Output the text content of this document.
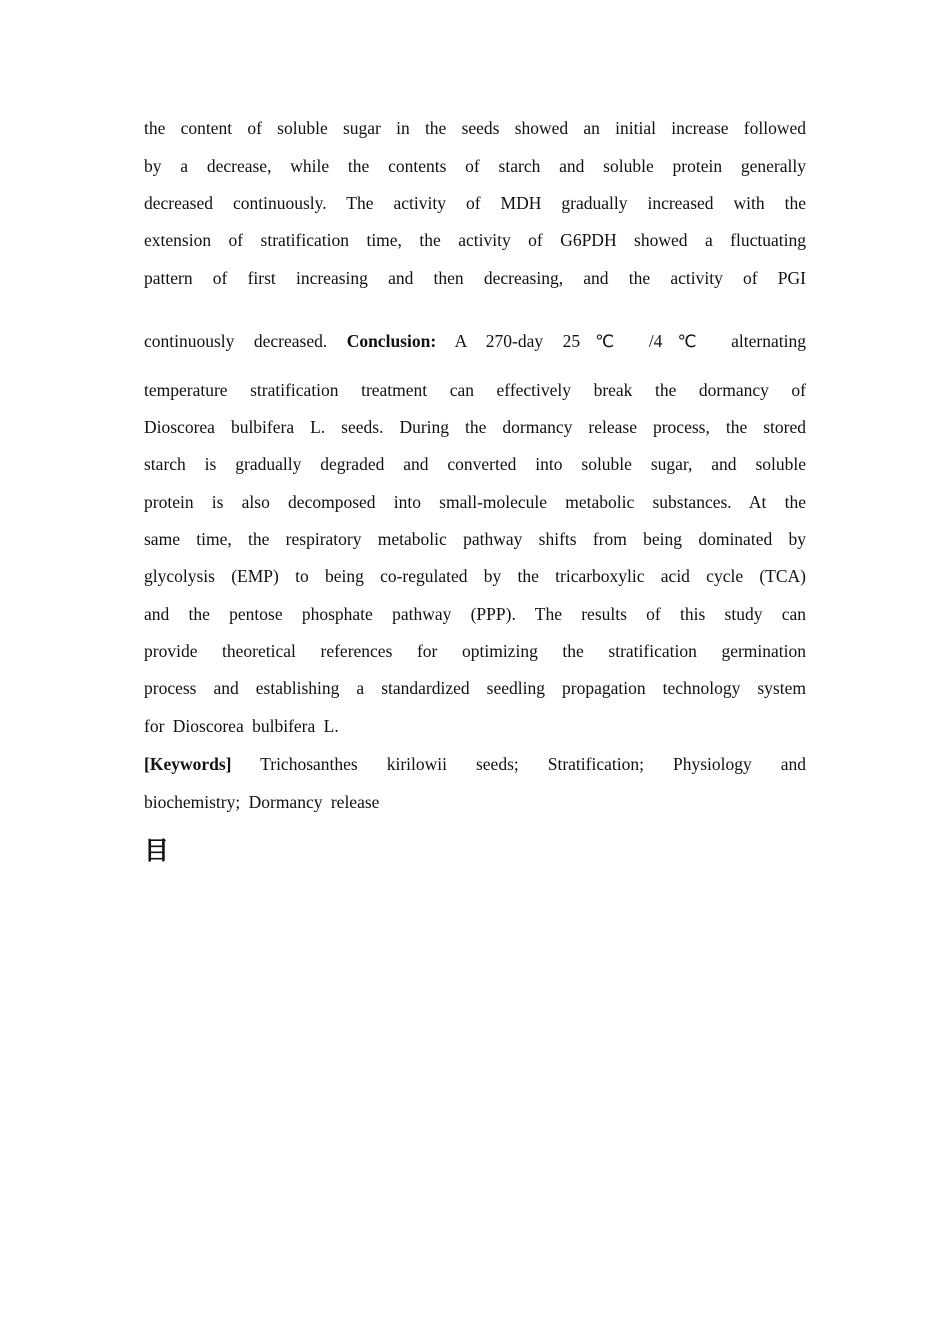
the content of soluble sugar in the seeds showed an initial increase followed
by a decrease, while the contents of starch and soluble protein generally
decreased continuously. The activity of MDH gradually increased with the
extension of stratification time, the activity of G6PDH showed a fluctuating
pattern of first increasing and then decreasing, and the activity of PGI
continuously decreased. Conclusion: A 270-day 25℃ /4℃ alternating
temperature stratification treatment can effectively break the dormancy of
Dioscorea bulbifera L. seeds. During the dormancy release process, the stored
starch is gradually degraded and converted into soluble sugar, and soluble
protein is also decomposed into small-molecule metabolic substances. At the
same time, the respiratory metabolic pathway shifts from being dominated by
glycolysis (EMP) to being co-regulated by the tricarboxylic acid cycle (TCA)
and the pentose phosphate pathway (PPP). The results of this study can
provide theoretical references for optimizing the stratification germination
process and establishing a standardized seedling propagation technology system
for Dioscorea bulbifera L.
[Keywords] Trichosanthes kirilowii seeds; Stratification; Physiology and
biochemistry; Dormancy release
目
